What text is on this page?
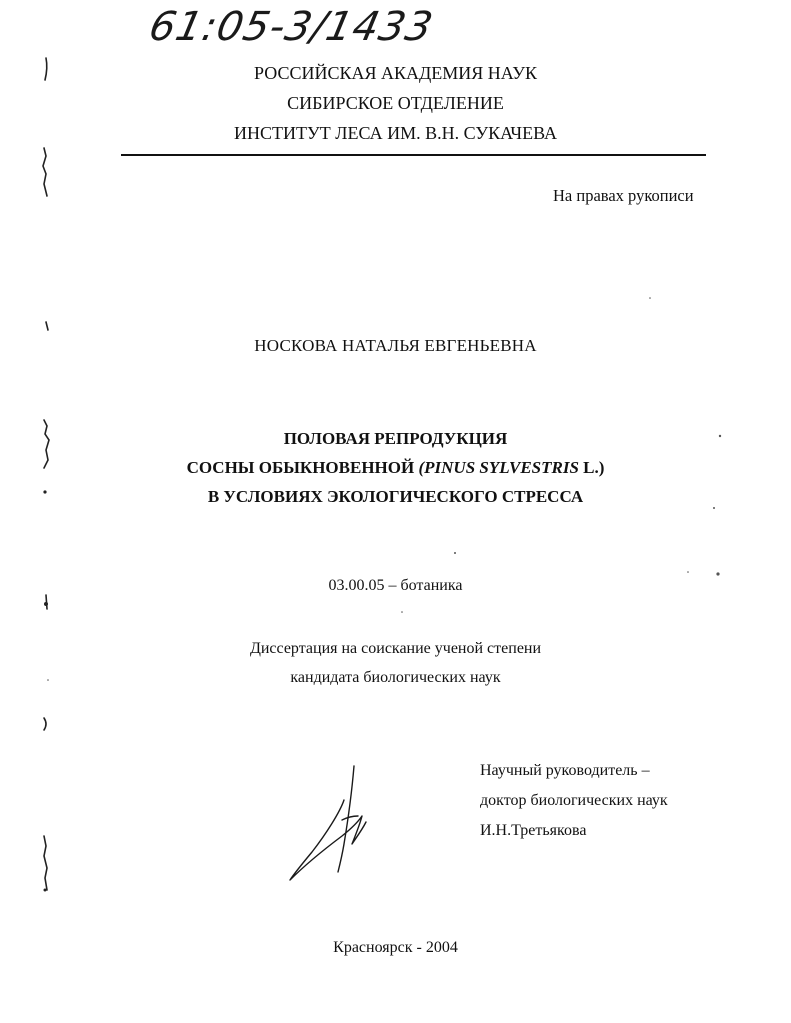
61:05-3/1433
РОССИЙСКАЯ АКАДЕМИЯ НАУК
СИБИРСКОЕ ОТДЕЛЕНИЕ
ИНСТИТУТ ЛЕСА ИМ. В.Н. СУКАЧЕВА
На правах рукописи
НОСКОВА НАТАЛЬЯ ЕВГЕНЬЕВНА
ПОЛОВАЯ РЕПРОДУКЦИЯ
СОСНЫ ОБЫКНОВЕННОЙ (PINUS SYLVESTRIS L.)
В УСЛОВИЯХ ЭКОЛОГИЧЕСКОГО СТРЕССА
03.00.05 – ботаника
Диссертация на соискание ученой степени
кандидата биологических наук
Научный руководитель –
доктор биологических наук
И.Н.Третьякова
Красноярск - 2004
